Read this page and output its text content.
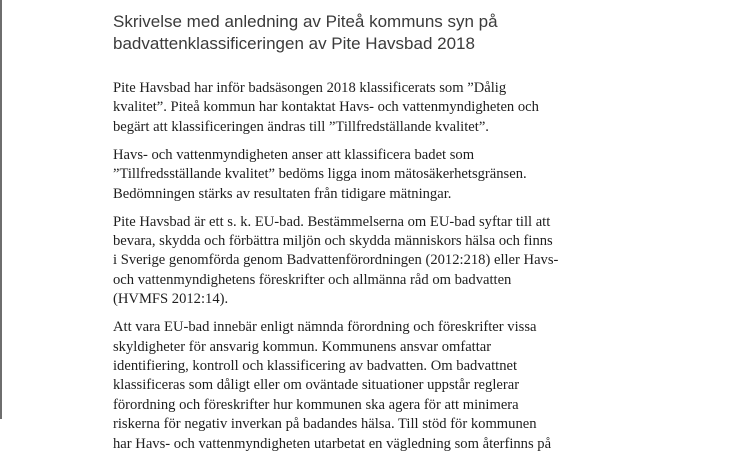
Skrivelse med anledning av Piteå kommuns syn på
badvattenklassificeringen av Pite Havsbad 2018

Pite Havsbad har inför badsäsongen 2018 klassificerats som ”Dålig
kvalitet”. Piteå kommun har kontaktat Havs- och vattenmyndigheten och
begärt att klassificeringen ändras till ”Tillfredställande kvalitet”.

Havs- och vattenmyndigheten anser att klassificera badet som
”Tillfredsställande kvalitet” bedöms ligga inom mätosäkerhetsgränsen.
Bedömningen stärks av resultaten från tidigare mätningar.

Pite Havsbad är ett s. k. EU-bad. Bestämmelserna om EU-bad syftar till att
bevara, skydda och förbättra miljön och skydda människors hälsa och finns
i Sverige genomförda genom Badvattenförordningen (2012:218) eller Havs-
och vattenmyndighetens föreskrifter och allmänna råd om badvatten
(HVMFS 2012:14).

Att vara EU-bad innebär enligt nämnda förordning och föreskrifter vissa
skyldigheter för ansvarig kommun. Kommunens ansvar omfattar
identifiering, kontroll och klassificering av badvatten. Om badvattnet
klassificeras som dåligt eller om oväntade situationer uppstår reglerar
förordning och föreskrifter hur kommunen ska agera för att minimera
riskerna för negativ inverkan på badandes hälsa. Till stöd för kommunen
har Havs- och vattenmyndigheten utarbetat en vägledning som återfinns på
